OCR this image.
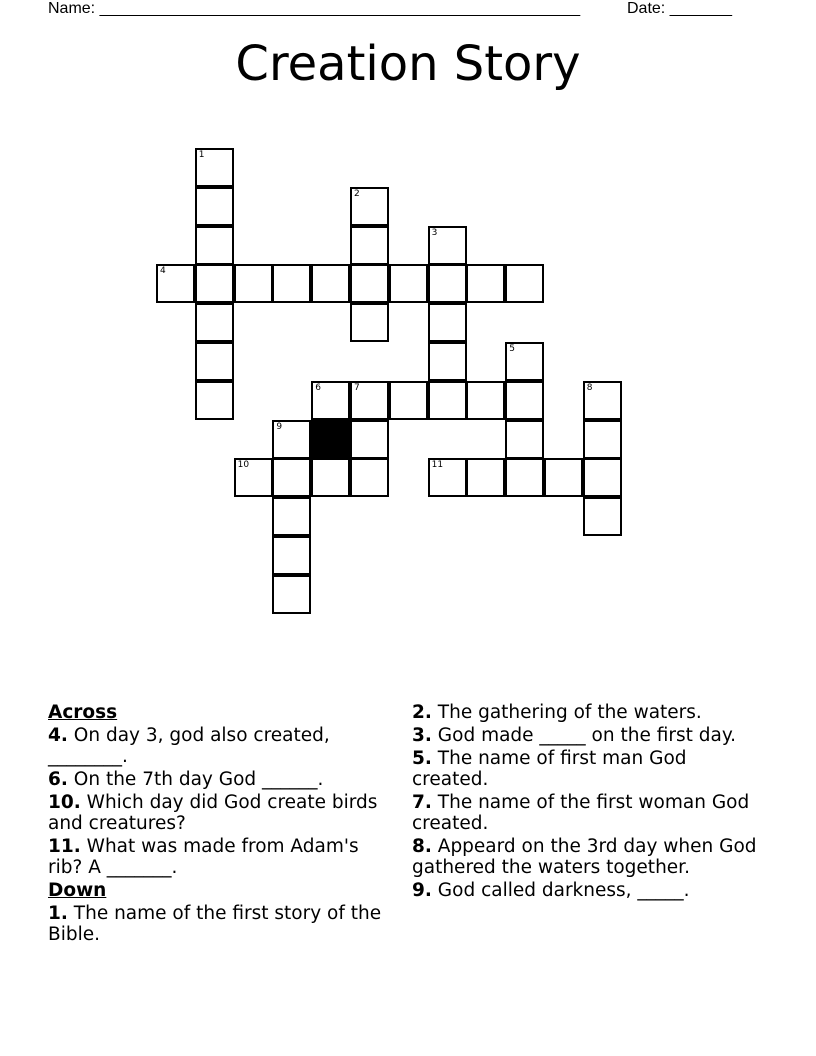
Name: ______________________________________________________	Date: _______
Creation Story
1
2
3
4
5
6	7	8
9
10	11
Across
4. On day 3, god also created, ________.
6. On the 7th day God ______.
10. Which day did God create birds and creatures?
11. What was made from Adam's rib? A _______.
Down
1. The name of the first story of the Bible.
2. The gathering of the waters.
3. God made _____ on the first day.
5. The name of first man God created.
7. The name of the first woman God created.
8. Appeard on the 3rd day when God gathered the waters together.
9. God called darkness, _____.
